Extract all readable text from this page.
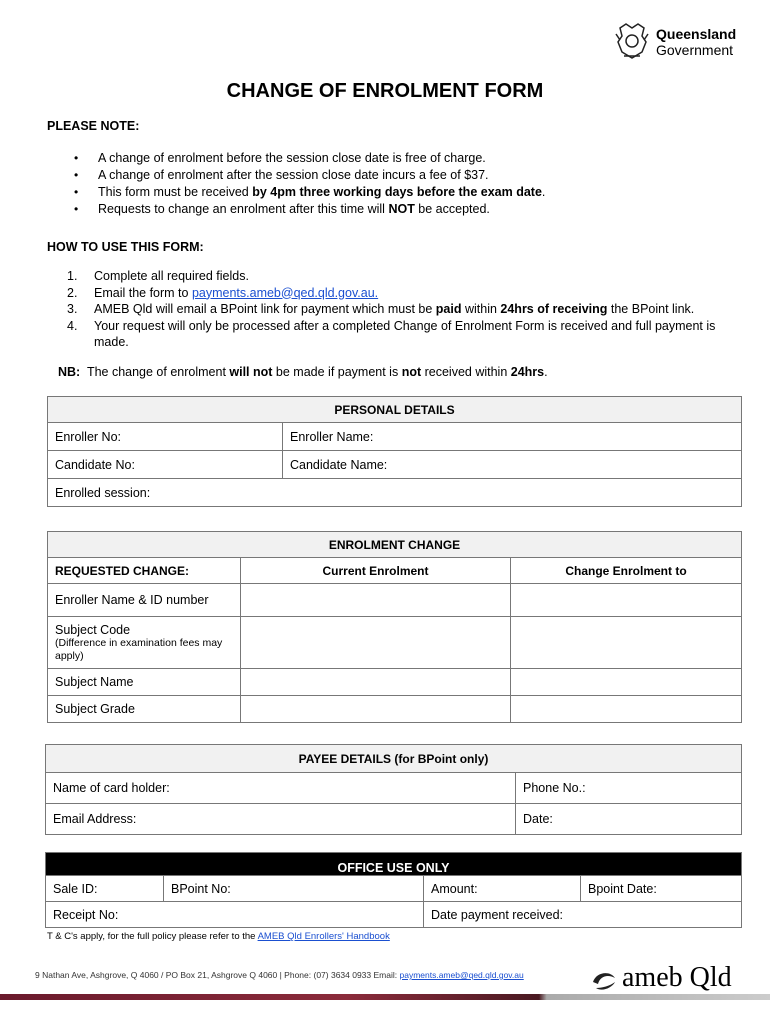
Queensland
Government
CHANGE OF ENROLMENT FORM
PLEASE NOTE:
• A change of enrolment before the session close date is free of charge.
• A change of enrolment after the session close date incurs a fee of $37.
• This form must be received by 4pm three working days before the exam date.
• Requests to change an enrolment after this time will NOT be accepted.
HOW TO USE THIS FORM:
1. Complete all required fields.
2. Email the form to payments.ameb@qed.qld.gov.au.
3. AMEB Qld will email a BPoint link for payment which must be paid within 24hrs of receiving the BPoint link.
4. Your request will only be processed after a completed Change of Enrolment Form is received and full payment is made.
NB:  The change of enrolment will not be made if payment is not received within 24hrs.
PERSONAL DETAILS	
Enroller No:	Enroller Name:
Candidate No:	Candidate Name:
Enrolled session:	
ENROLMENT CHANGE		
REQUESTED CHANGE:	Current Enrolment	Change Enrolment to
Enroller Name & ID number		

Subject Code
(Difference in examination fees may apply)		

Subject Name		
Subject Grade		
PAYEE DETAILS (for BPoint only)	
Name of card holder:	Phone No.:
Email Address:	Date:
OFFICE USE ONLY			
Sale ID:	BPoint No:	Amount:	Bpoint Date:
Receipt No:		Date payment received:	
T & C's apply, for the full policy please refer to the AMEB Qld Enrollers' Handbook
9 Nathan Ave, Ashgrove, Q 4060 / PO Box 21, Ashgrove Q 4060 | Phone: (07) 3634 0933 Email: payments.ameb@qed.qld.gov.au	ameb Qld
